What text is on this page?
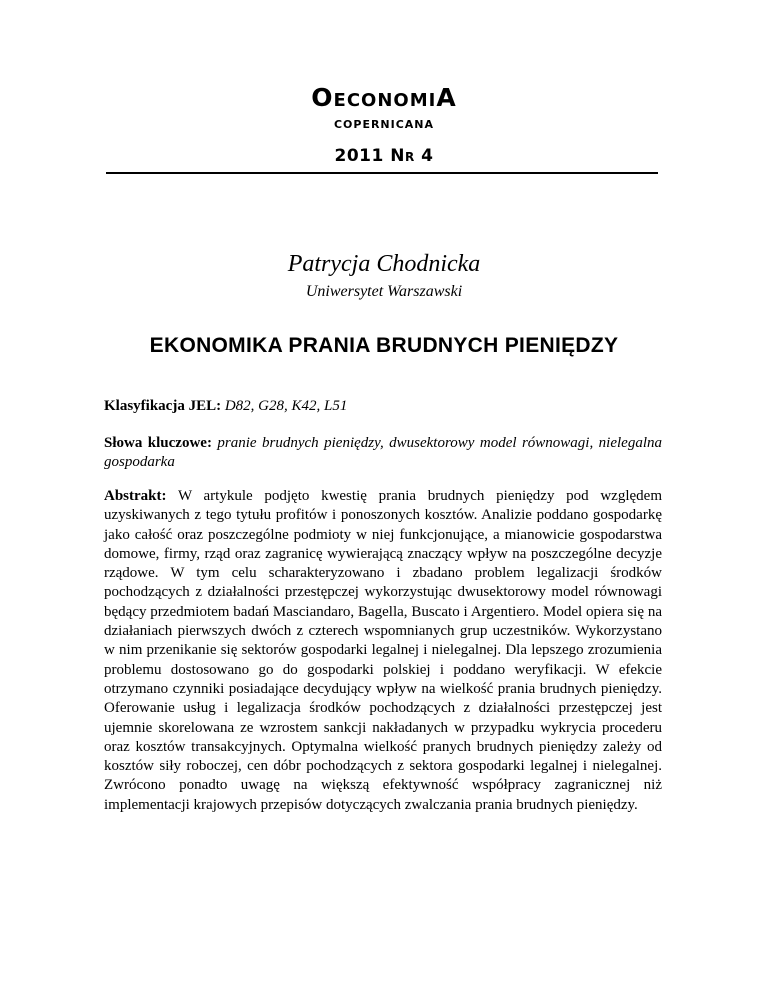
OeconomiA
copernicana
2011 Nr 4
Patrycja Chodnicka
Uniwersytet Warszawski
EKONOMIKA PRANIA BRUDNYCH PIENIĘDZY
Klasyfikacja JEL: D82, G28, K42, L51
Słowa kluczowe: pranie brudnych pieniędzy, dwusektorowy model równowagi, nielegalna gospodarka
Abstrakt: W artykule podjęto kwestię prania brudnych pieniędzy pod względem uzyskiwanych z tego tytułu profitów i ponoszonych kosztów. Analizie poddano gospodarkę jako całość oraz poszczególne podmioty w niej funkcjonujące, a mianowicie gospodarstwa domowe, firmy, rząd oraz zagranicę wywierającą znaczący wpływ na poszczególne decyzje rządowe. W tym celu scharakteryzowano i zbadano problem legalizacji środków pochodzących z działalności przestępczej wykorzystując dwusektorowy model równowagi będący przedmiotem badań Masciandaro, Bagella, Buscato i Argentiero. Model opiera się na działaniach pierwszych dwóch z czterech wspomnianych grup uczestników. Wykorzystano w nim przenikanie się sektorów gospodarki legalnej i nielegalnej. Dla lepszego zrozumienia problemu dostosowano go do gospodarki polskiej i poddano weryfikacji. W efekcie otrzymano czynniki posiadające decydujący wpływ na wielkość prania brudnych pieniędzy. Oferowanie usług i legalizacja środków pochodzących z działalności przestępczej jest ujemnie skorelowana ze wzrostem sankcji nakładanych w przypadku wykrycia procederu oraz kosztów transakcyjnych. Optymalna wielkość pranych brudnych pieniędzy zależy od kosztów siły roboczej, cen dóbr pochodzących z sektora gospodarki legalnej i nielegalnej. Zwrócono ponadto uwagę na większą efektywność współpracy zagranicznej niż implementacji krajowych przepisów dotyczących zwalczania prania brudnych pieniędzy.
